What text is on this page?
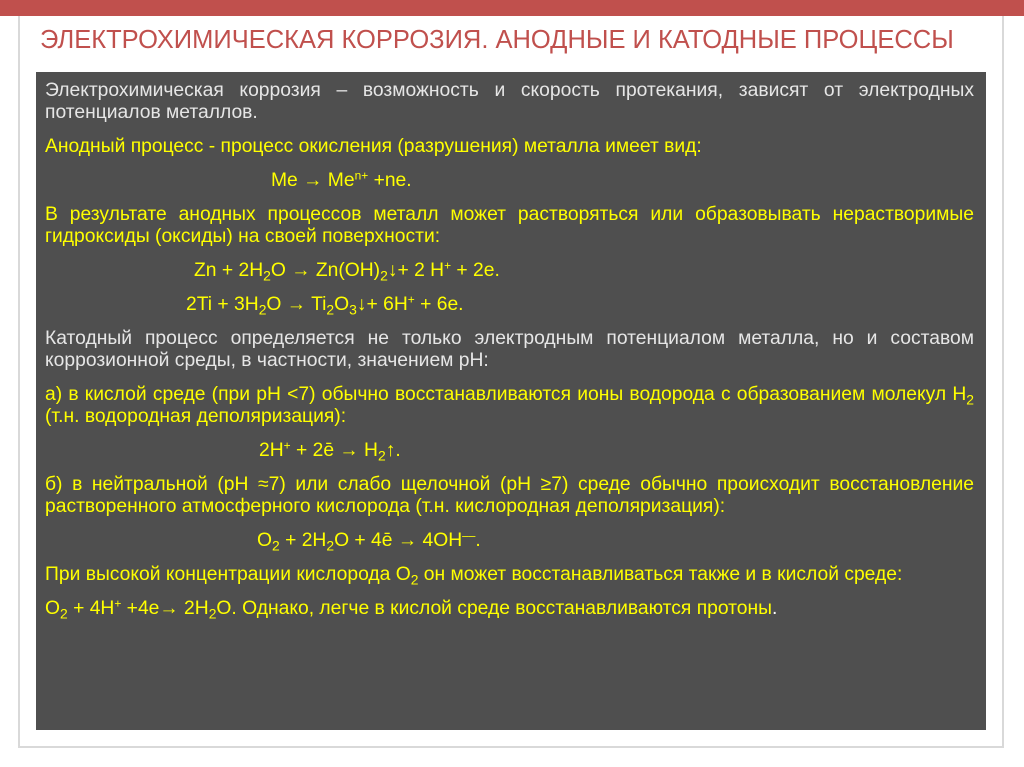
ЭЛЕКТРОХИМИЧЕСКАЯ КОРРОЗИЯ. АНОДНЫЕ И КАТОДНЫЕ ПРОЦЕССЫ

Электрохимическая коррозия – возможность и скорость протекания, зависят от электродных потенциалов металлов.

Анодный процесс - процесс окисления (разрушения) металла имеет вид:

$Me \to Me^{n+} +ne$.

В результате анодных процессов металл может растворяться или образовывать нерастворимые гидроксиды (оксиды) на своей поверхности:

$Zn + 2H_2O$ → $Zn(OH)_2↓+ 2$ H+ + 2e.

$2Ti + 3H_2O$ → $Ti_2O_3↓+ 6H^+ + 6e$.

Катодный процесс определяется не только электродным потенциалом металла, но и составом коррозионной среды, в частности, значением рН:

а) в кислой среде (при рН <7) обычно восстанавливаются ионы водорода с образованием молекул $H_2$ (т.н. водородная деполяризация):

2H+ + 2ē → $H_2↑$.

б) в нейтральной (рН ≈7) или слабо щелочной (рН ≥7) среде обычно происходит восстановление растворенного атмосферного кислорода (т.н. кислородная деполяризация):

$O_2 + 2H_2O$ + 4ē → 4OH––.

При высокой концентрации кислорода $O_2$ он может восстанавливаться также и в кислой среде:

$O_2 + 4H^+ +4e\to 2H_2O$. Однако, легче в кислой среде восстанавливаются протоны.
